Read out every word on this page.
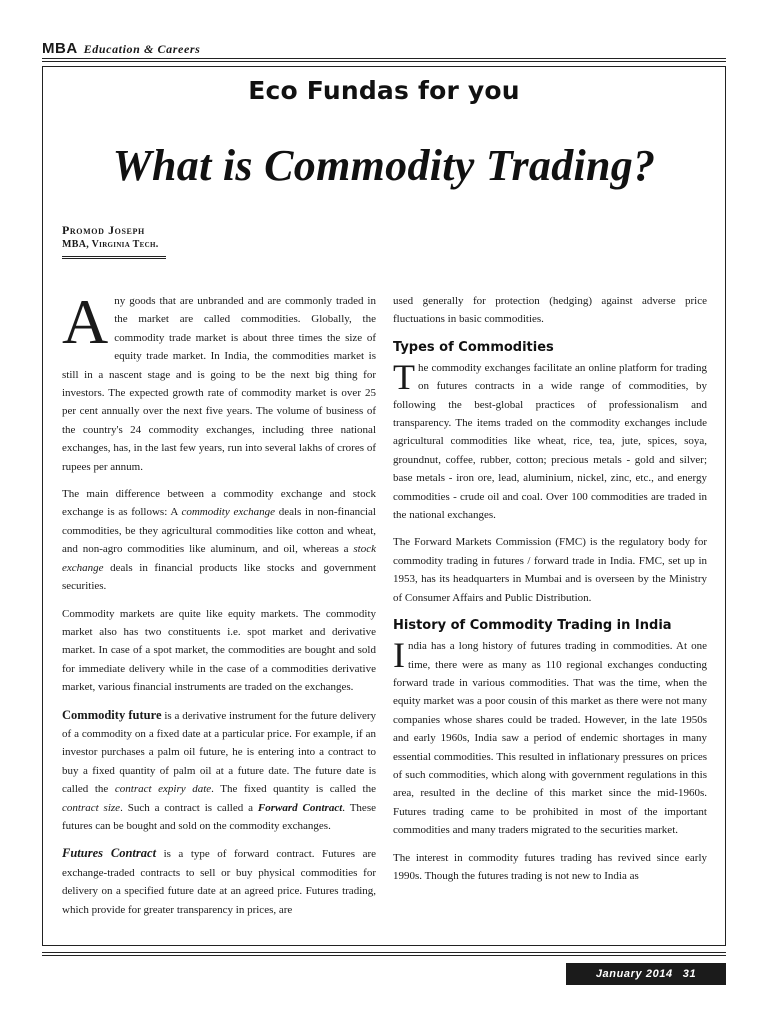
MBA Education & Careers
Eco Fundas for you
What is Commodity Trading?
Promod Joseph
MBA, Virginia Tech.

Any goods that are unbranded and are commonly traded in the market are called commodities. Globally, the commodity trade market is about three times the size of equity trade market. In India, the commodities market is still in a nascent stage and is going to be the next big thing for investors. The expected growth rate of commodity market is over 25 per cent annually over the next five years. The volume of business of the country's 24 commodity exchanges, including three national exchanges, has, in the last few years, run into several lakhs of crores of rupees per annum.

The main difference between a commodity exchange and stock exchange is as follows: A commodity exchange deals in non-financial commodities, be they agricultural commodities like cotton and wheat, and non-agro commodities like aluminum, and oil, whereas a stock exchange deals in financial products like stocks and government securities.

Commodity markets are quite like equity markets. The commodity market also has two constituents i.e. spot market and derivative market. In case of a spot market, the commodities are bought and sold for immediate delivery while in the case of a commodities derivative market, various financial instruments are traded on the exchanges.

Commodity future is a derivative instrument for the future delivery of a commodity on a fixed date at a particular price. For example, if an investor purchases a palm oil future, he is entering into a contract to buy a fixed quantity of palm oil at a future date. The future date is called the contract expiry date. The fixed quantity is called the contract size. Such a contract is called a Forward Contract. These futures can be bought and sold on the commodity exchanges.

Futures Contract is a type of forward contract. Futures are exchange-traded contracts to sell or buy physical commodities for delivery on a specified future date at an agreed price. Futures trading, which provide for greater transparency in prices, are

used generally for protection (hedging) against adverse price fluctuations in basic commodities.

Types of Commodities

The commodity exchanges facilitate an online platform for trading on futures contracts in a wide range of commodities, by following the best-global practices of professionalism and transparency. The items traded on the commodity exchanges include agricultural commodities like wheat, rice, tea, jute, spices, soya, groundnut, coffee, rubber, cotton; precious metals - gold and silver; base metals - iron ore, lead, aluminium, nickel, zinc, etc., and energy commodities - crude oil and coal. Over 100 commodities are traded in the national exchanges.

The Forward Markets Commission (FMC) is the regulatory body for commodity trading in futures / forward trade in India. FMC, set up in 1953, has its headquarters in Mumbai and is overseen by the Ministry of Consumer Affairs and Public Distribution.

History of Commodity Trading in India

India has a long history of futures trading in commodities. At one time, there were as many as 110 regional exchanges conducting forward trade in various commodities. That was the time, when the equity market was a poor cousin of this market as there were not many companies whose shares could be traded. However, in the late 1950s and early 1960s, India saw a period of endemic shortages in many essential commodities. This resulted in inflationary pressures on prices of such commodities, which along with government regulations in this area, resulted in the decline of this market since the mid-1960s. Futures trading came to be prohibited in most of the important commodities and many traders migrated to the securities market.

The interest in commodity futures trading has revived since early 1990s. Though the futures trading is not new to India as

January 2014 31
